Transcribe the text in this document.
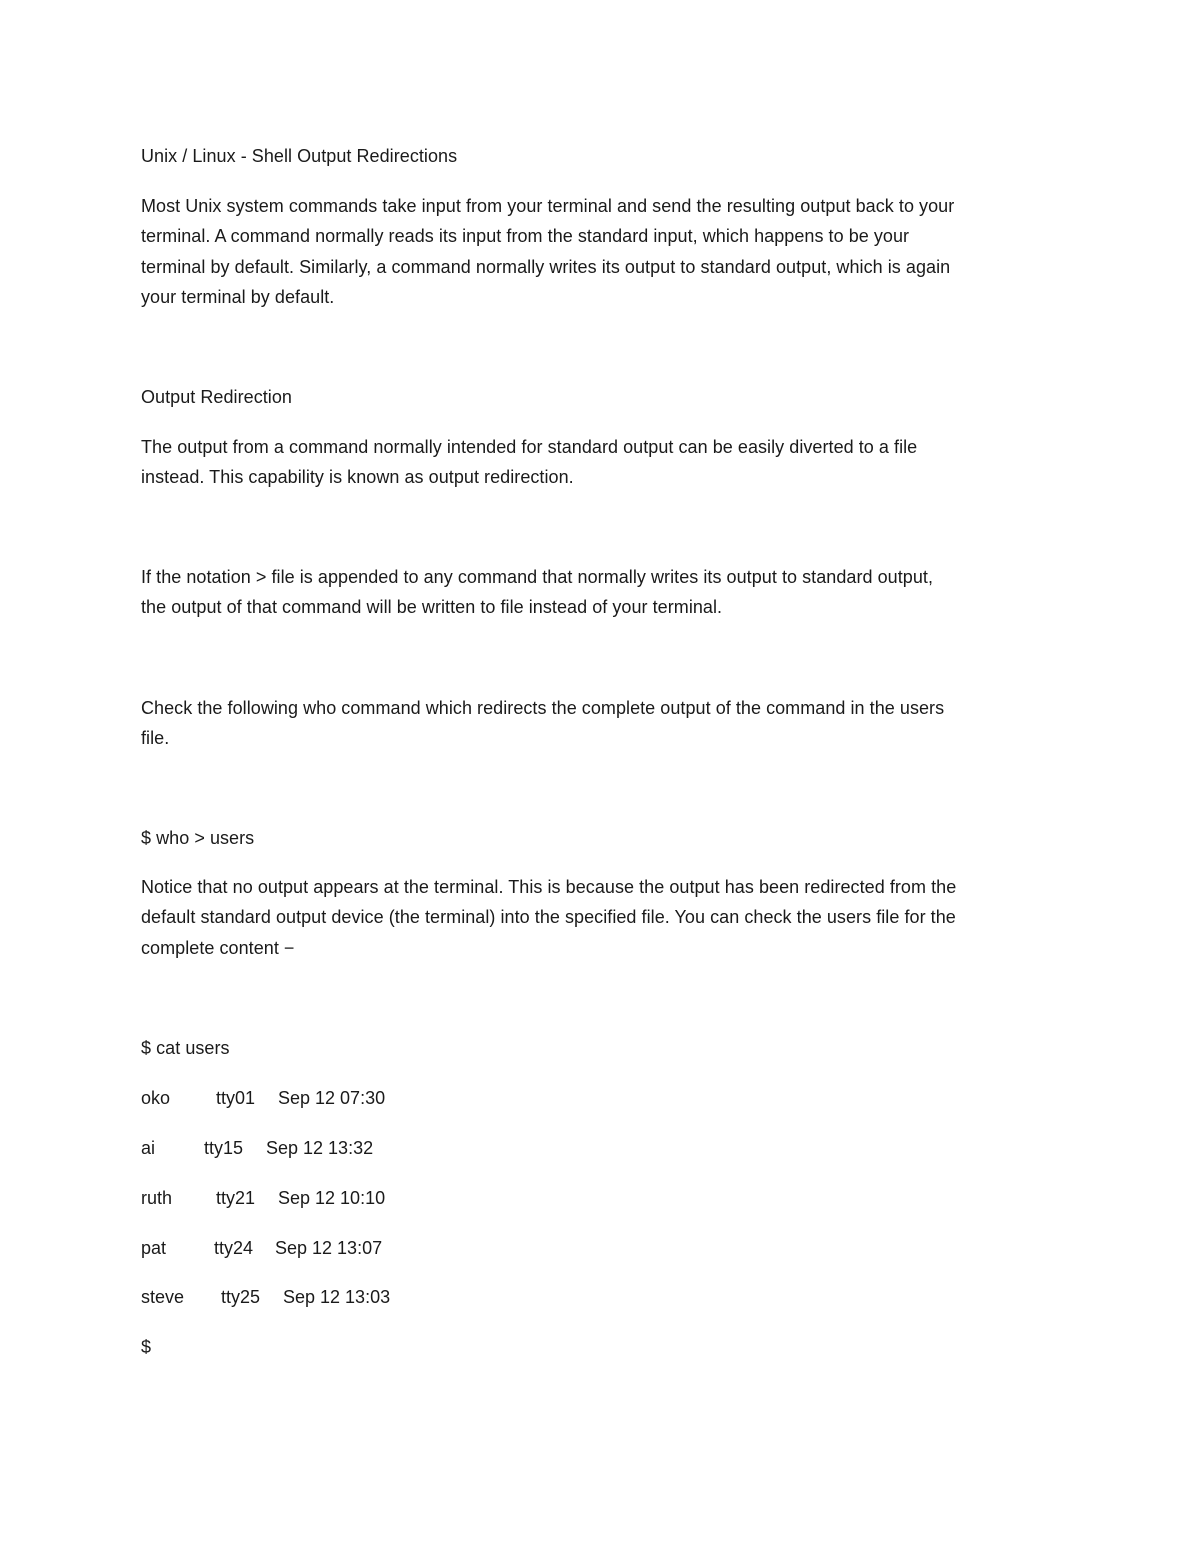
Unix / Linux - Shell Output Redirections
Most Unix system commands take input from your terminal and send the resulting output back to your
terminal. A command normally reads its input from the standard input, which happens to be your
terminal by default. Similarly, a command normally writes its output to standard output, which is again
your terminal by default.
Output Redirection
The output from a command normally intended for standard output can be easily diverted to a file
instead. This capability is known as output redirection.
If the notation > file is appended to any command that normally writes its output to standard output,
the output of that command will be written to file instead of your terminal.
Check the following who command which redirects the complete output of the command in the users
file.
$ who > users
Notice that no output appears at the terminal. This is because the output has been redirected from the
default standard output device (the terminal) into the specified file. You can check the users file for the
complete content −
$ cat users
oko	tty01 Sep 12 07:30
ai	tty15 Sep 12 13:32
ruth tty21 Sep 12 10:10
pat	tty24 Sep 12 13:07
steve tty25 Sep 12 13:03
$
